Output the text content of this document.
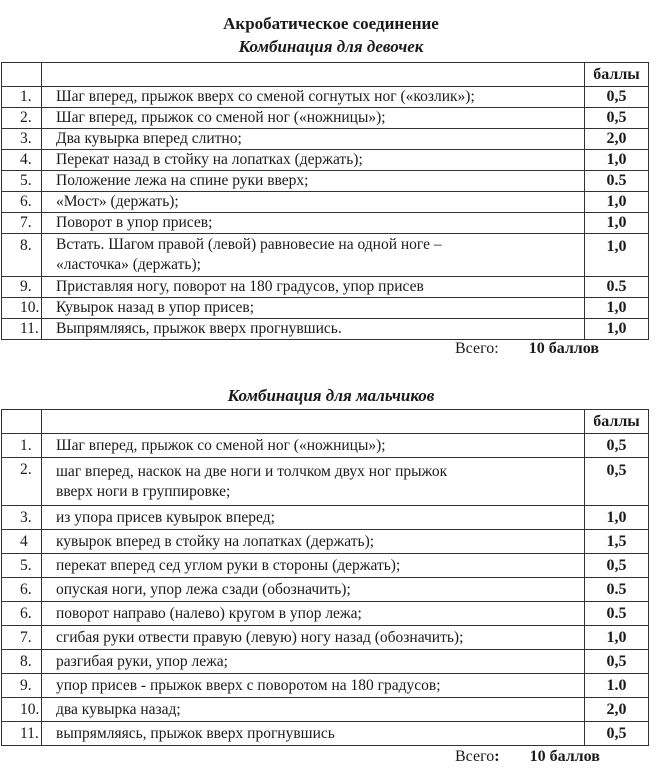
Акробатическое соединение
Комбинация для девочек
		баллы
1.	Шаг вперед, прыжок вверх со сменой согнутых ног («козлик»);	0,5
2.	Шаг вперед, прыжок со сменой ног («ножницы»);	0,5
3.	Два кувырка вперед слитно;	2,0
4.	Перекат назад в стойку на лопатках (держать);	1,0
5.	Положение лежа на спине руки вверх;	0.5
6.	«Мост» (держать);	1,0
7.	Поворот в упор присев;	1,0
8.	Встать. Шагом правой (левой) равновесие на одной ноге –
«ласточка» (держать);	1,0
9.	Приставляя ногу, поворот на 180 градусов, упор присев	0.5
10.	Кувырок назад в упор присев;	1,0
11.	Выпрямляясь, прыжок вверх прогнувшись.	1,0
Всего: 10 баллов
Комбинация для мальчиков
		баллы
1.	Шаг вперед, прыжок со сменой ног («ножницы»);	0,5
2.	шаг вперед, наскок на две ноги и толчком двух ног прыжок
вверх ноги в группировке;	0,5
3.	из упора присев кувырок вперед;	1,0
4	кувырок вперед в стойку на лопатках (держать);	1,5
5.	перекат вперед сед углом руки в стороны (держать);	0,5
6.	опуская ноги, упор лежа сзади (обозначить);	0.5
6.	поворот направо (налево) кругом в упор лежа;	0.5
7.	сгибая руки отвести правую (левую) ногу назад (обозначить);	1,0
8.	разгибая руки, упор лежа;	0,5
9.	упор присев - прыжок вверх с поворотом на 180 градусов;	1.0
10.	два кувырка назад;	2,0
11.	выпрямляясь, прыжок вверх прогнувшись	0,5
Всего: 10 баллов
